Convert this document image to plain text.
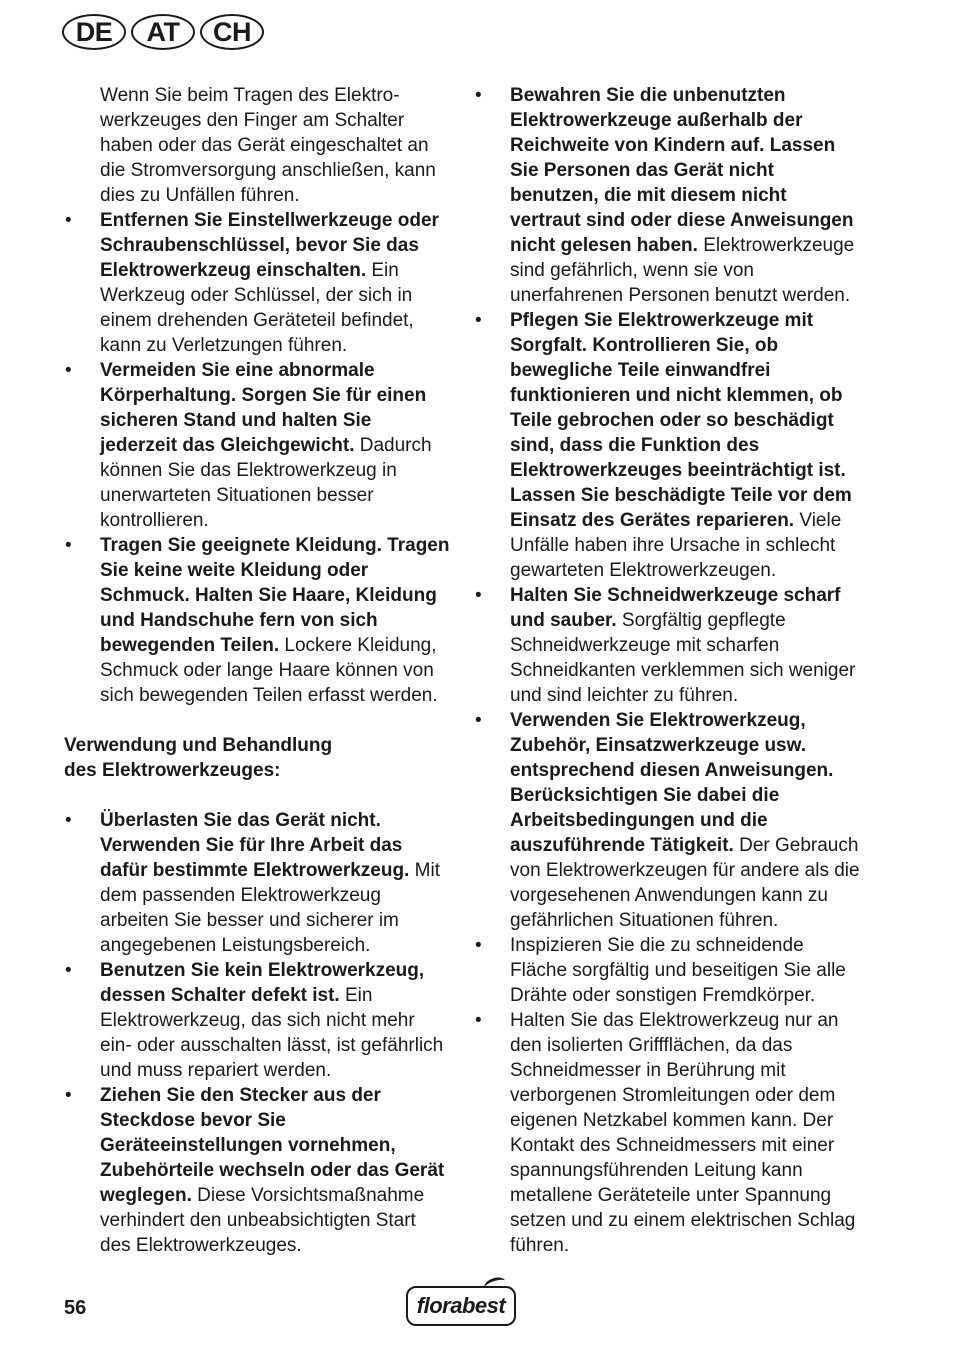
DE	AT	CH
Wenn Sie beim Tragen des Elektro-werkzeuges den Finger am Schalter haben oder das Gerät eingeschaltet an die Stromversorgung anschließen, kann dies zu Unfällen führen.
• Entfernen Sie Einstellwerkzeuge oder Schraubenschlüssel, bevor Sie das Elektrowerkzeug einschalten. Ein Werkzeug oder Schlüssel, der sich in einem drehenden Geräteteil befindet, kann zu Verletzungen führen.
• Vermeiden Sie eine abnormale Körperhaltung. Sorgen Sie für einen sicheren Stand und halten Sie jederzeit das Gleichgewicht. Dadurch können Sie das Elektrowerkzeug in unerwarteten Situationen besser kontrollieren.
• Tragen Sie geeignete Kleidung. Tragen Sie keine weite Kleidung oder Schmuck. Halten Sie Haare, Kleidung und Handschuhe fern von sich bewegenden Teilen. Lockere Kleidung, Schmuck oder lange Haare können von sich bewegenden Teilen erfasst werden.
Verwendung und Behandlung
des Elektrowerkzeuges:
• Überlasten Sie das Gerät nicht. Verwenden Sie für Ihre Arbeit das dafür bestimmte Elektrowerkzeug. Mit dem passenden Elektrowerkzeug arbeiten Sie besser und sicherer im angegebenen Leistungsbereich.
• Benutzen Sie kein Elektrowerkzeug, dessen Schalter defekt ist. Ein Elektrowerkzeug, das sich nicht mehr ein- oder ausschalten lässt, ist gefährlich und muss repariert werden.
• Ziehen Sie den Stecker aus der Steckdose bevor Sie Geräteeinstellungen vornehmen, Zubehörteile wechseln oder das Gerät weglegen. Diese Vorsichtsmaßnahme verhindert den unbeabsichtigten Start des Elektrowerkzeuges.
• Bewahren Sie die unbenutzten Elektrowerkzeuge außerhalb der Reichweite von Kindern auf. Lassen Sie Personen das Gerät nicht benutzen, die mit diesem nicht vertraut sind oder diese Anweisungen nicht gelesen haben. Elektrowerkzeuge sind gefährlich, wenn sie von unerfahrenen Personen benutzt werden.
• Pflegen Sie Elektrowerkzeuge mit Sorgfalt. Kontrollieren Sie, ob bewegliche Teile einwandfrei funktionieren und nicht klemmen, ob Teile gebrochen oder so beschädigt sind, dass die Funktion des Elektrowerkzeuges beeinträchtigt ist. Lassen Sie beschädigte Teile vor dem Einsatz des Gerätes reparieren. Viele Unfälle haben ihre Ursache in schlecht gewarteten Elektrowerkzeugen.
• Halten Sie Schneidwerkzeuge scharf und sauber. Sorgfältig gepflegte Schneidwerkzeuge mit scharfen Schneidkanten verklemmen sich weniger und sind leichter zu führen.
• Verwenden Sie Elektrowerkzeug, Zubehör, Einsatzwerkzeuge usw. entsprechend diesen Anweisungen. Berücksichtigen Sie dabei die Arbeitsbedingungen und die auszuführende Tätigkeit. Der Gebrauch von Elektrowerkzeugen für andere als die vorgesehenen Anwendungen kann zu gefährlichen Situationen führen.
• Inspizieren Sie die zu schneidende Fläche sorgfältig und beseitigen Sie alle Drähte oder sonstigen Fremdkörper.
• Halten Sie das Elektrowerkzeug nur an den isolierten Griffflächen, da das Schneidmesser in Berührung mit verborgenen Stromleitungen oder dem eigenen Netzkabel kommen kann. Der Kontakt des Schneidmessers mit einer spannungsführenden Leitung kann metallene Geräteteile unter Spannung setzen und zu einem elektrischen Schlag führen.
56	florabest
